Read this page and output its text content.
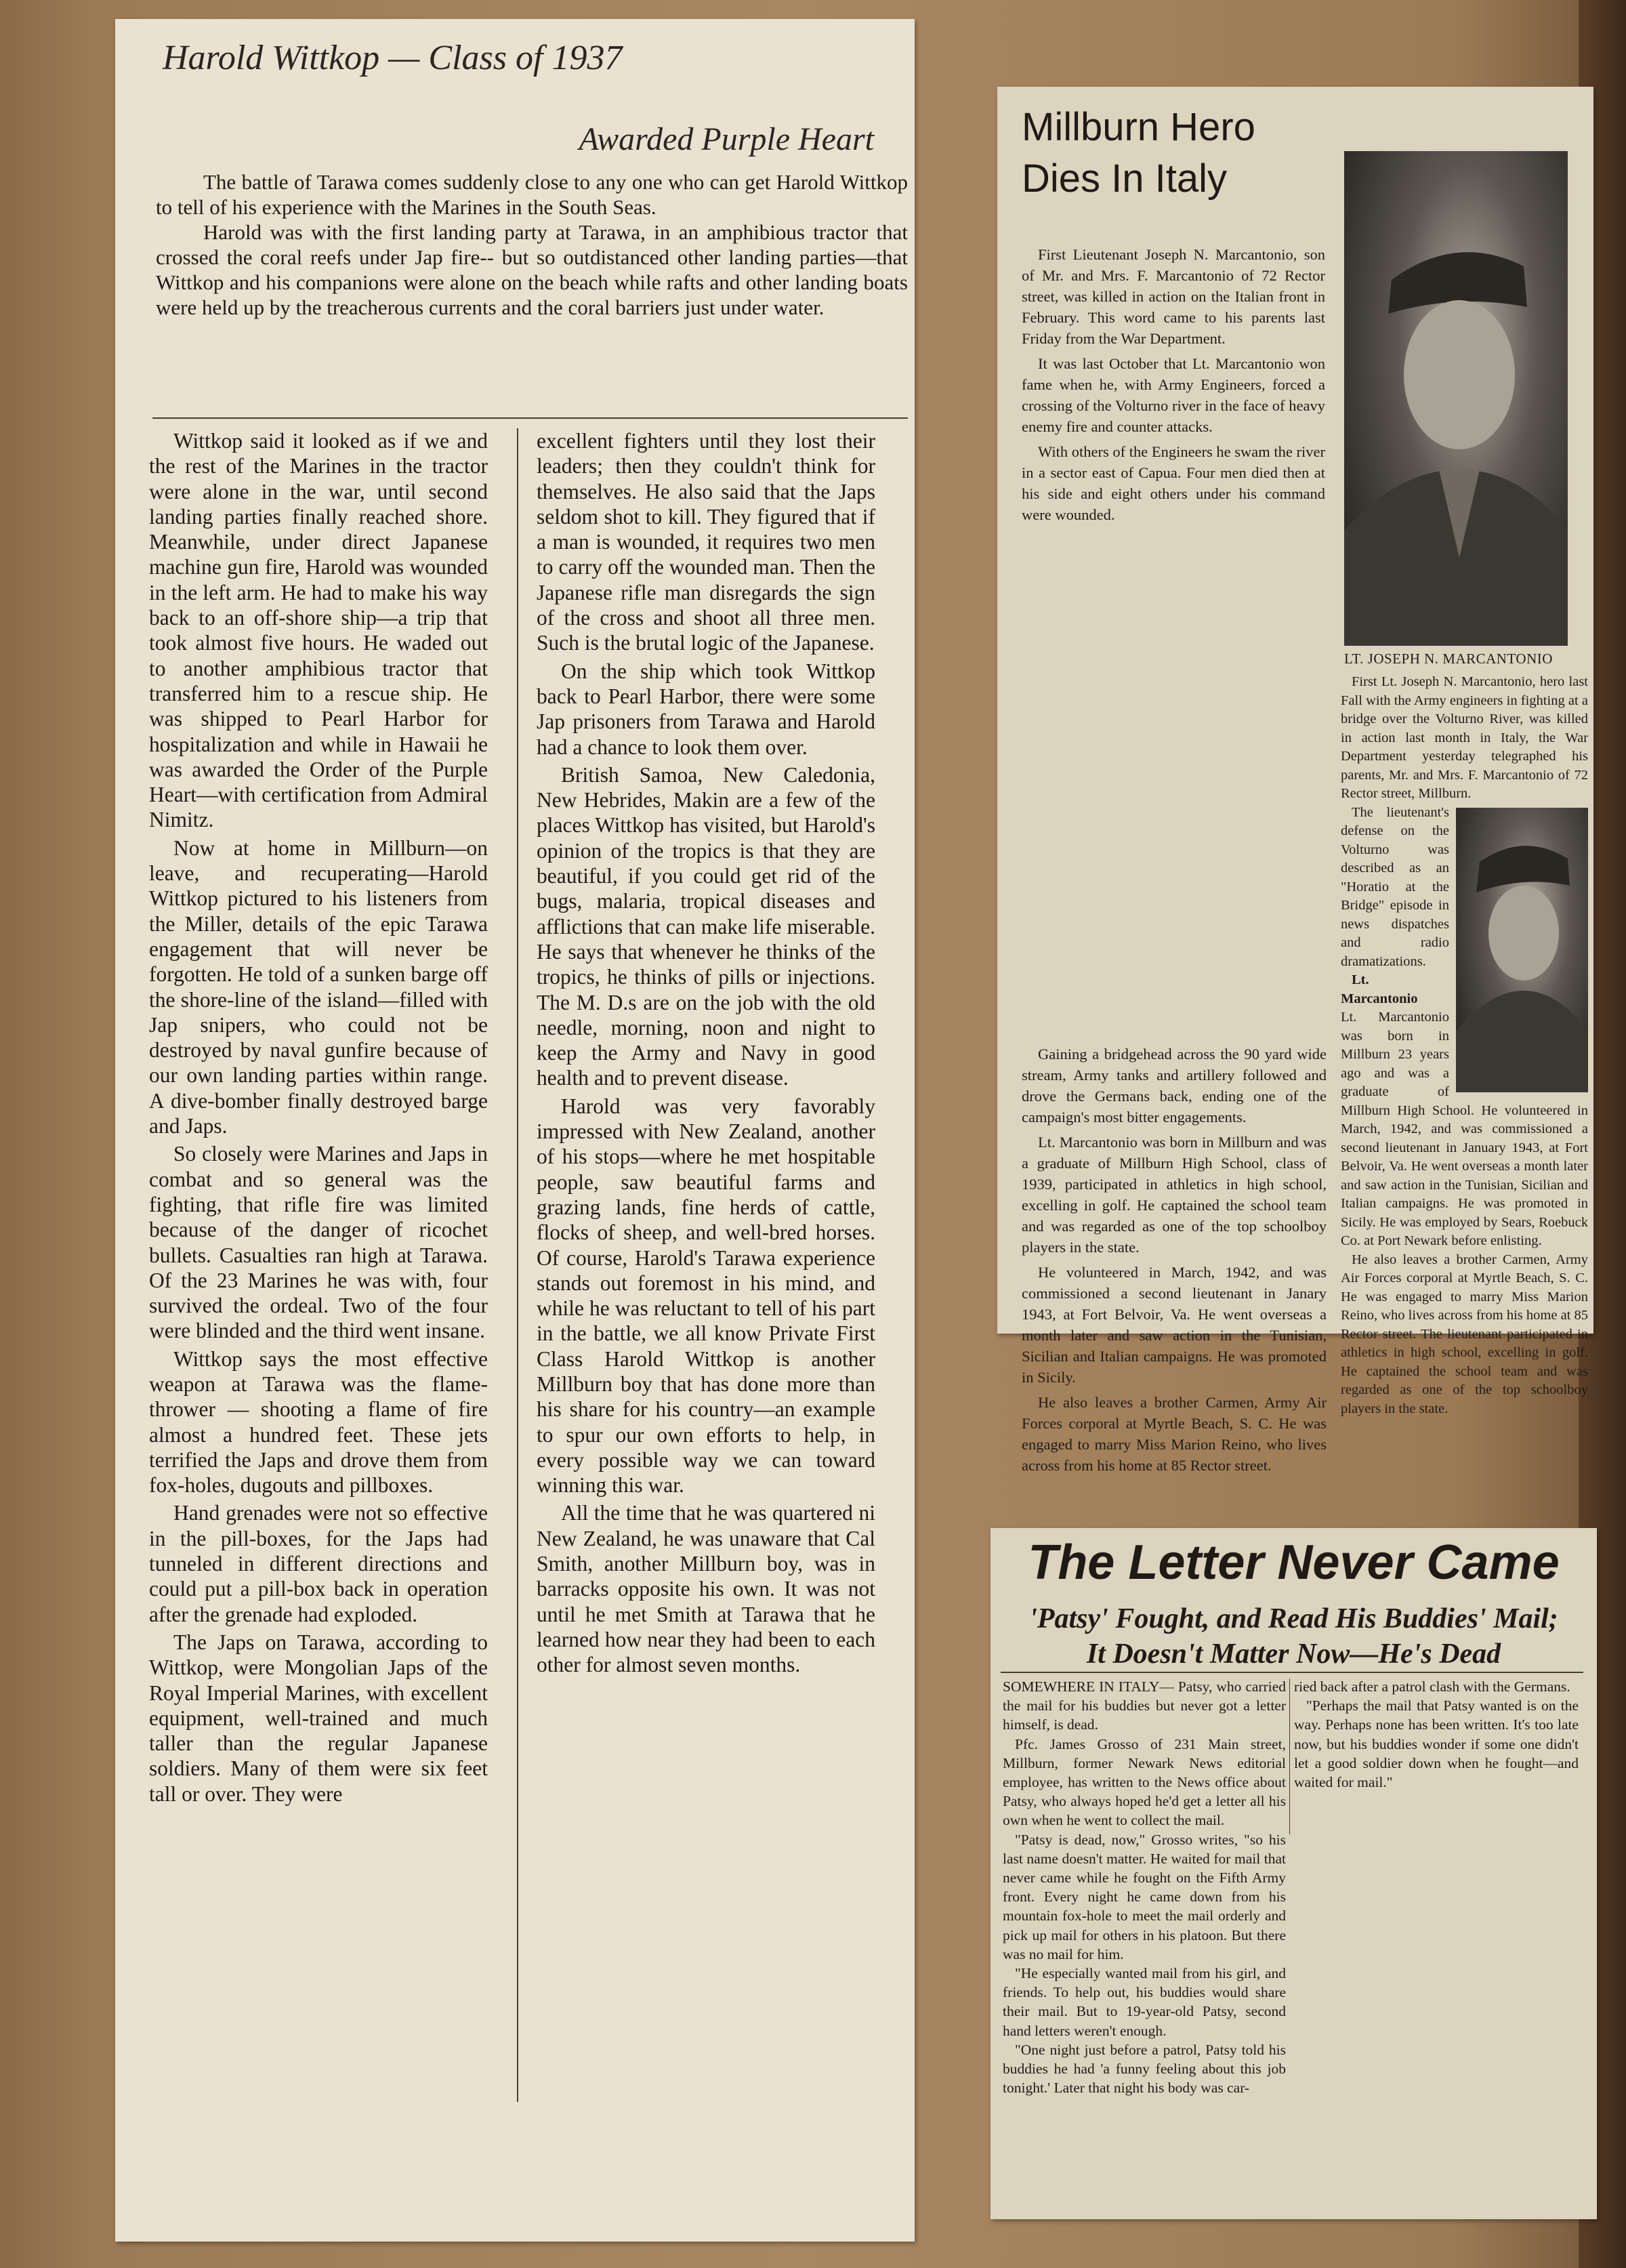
Harold Wittkop — Class of 1937
Awarded Purple Heart

The battle of Tarawa comes suddenly close to any one who can get Harold Wittkop to tell of his experience with the Marines in the South Seas.

Harold was with the first landing party at Tarawa, in an amphibious tractor that crossed the coral reefs under Jap fire-- but so outdistanced other landing parties—that Wittkop and his companions were alone on the beach while rafts and other landing boats were held up by the treacherous currents and the coral barriers just under water.

Wittkop said it looked as if we and the rest of the Marines in the tractor were alone in the war, until second landing parties finally reached shore. Meanwhile, under direct Japanese machine gun fire, Harold was wounded in the left arm. He had to make his way back to an off-shore ship—a trip that took almost five hours. He waded out to another amphibious tractor that transferred him to a rescue ship. He was shipped to Pearl Harbor for hospitalization and while in Hawaii he was awarded the Order of the Purple Heart—with certification from Admiral Nimitz.

Now at home in Millburn—on leave, and recuperating—Harold Wittkop pictured to his listeners from the Miller, details of the epic Tarawa engagement that will never be forgotten. He told of a sunken barge off the shore-line of the island—filled with Jap snipers, who could not be destroyed by naval gunfire because of our own landing parties within range. A dive-bomber finally destroyed barge and Japs.

So closely were Marines and Japs in combat and so general was the fighting, that rifle fire was limited because of the danger of ricochet bullets. Casualties ran high at Tarawa. Of the 23 Marines he was with, four survived the ordeal. Two of the four were blinded and the third went insane.

Wittkop says the most effective weapon at Tarawa was the flame-thrower — shooting a flame of fire almost a hundred feet. These jets terrified the Japs and drove them from fox-holes, dugouts and pillboxes.

Hand grenades were not so effective in the pill-boxes, for the Japs had tunneled in different directions and could put a pill-box back in operation after the grenade had exploded.

The Japs on Tarawa, according to Wittkop, were Mongolian Japs of the Royal Imperial Marines, with excellent equipment, well-trained and much taller than the regular Japanese soldiers. Many of them were six feet tall or over. They were

excellent fighters until they lost their leaders; then they couldn't think for themselves. He also said that the Japs seldom shot to kill. They figured that if a man is wounded, it requires two men to carry off the wounded man. Then the Japanese rifle man disregards the sign of the cross and shoot all three men. Such is the brutal logic of the Japanese.

On the ship which took Wittkop back to Pearl Harbor, there were some Jap prisoners from Tarawa and Harold had a chance to look them over.

British Samoa, New Caledonia, New Hebrides, Makin are a few of the places Wittkop has visited, but Harold's opinion of the tropics is that they are beautiful, if you could get rid of the bugs, malaria, tropical diseases and afflictions that can make life miserable. He says that whenever he thinks of the tropics, he thinks of pills or injections. The M. D.s are on the job with the old needle, morning, noon and night to keep the Army and Navy in good health and to prevent disease.

Harold was very favorably impressed with New Zealand, another of his stops—where he met hospitable people, saw beautiful farms and grazing lands, fine herds of cattle, flocks of sheep, and well-bred horses. Of course, Harold's Tarawa experience stands out foremost in his mind, and while he was reluctant to tell of his part in the battle, we all know Private First Class Harold Wittkop is another Millburn boy that has done more than his share for his country—an example to spur our own efforts to help, in every possible way we can toward winning this war.

All the time that he was quartered ni New Zealand, he was unaware that Cal Smith, another Millburn boy, was in barracks opposite his own. It was not until he met Smith at Tarawa that he learned how near they had been to each other for almost seven months.

Millburn Hero Dies In Italy
LT. JOSEPH N. MARCANTONIO

First Lieutenant Joseph N. Marcantonio, son of Mr. and Mrs. F. Marcantonio of 72 Rector street, was killed in action on the Italian front in February. This word came to his parents last Friday from the War Department.

It was last October that Lt. Marcantonio won fame when he, with Army Engineers, forced a crossing of the Volturno river in the face of heavy enemy fire and counter attacks.

With others of the Engineers he swam the river in a sector east of Capua. Four men died then at his side and eight others under his command were wounded.

Gaining a bridgehead across the 90 yard wide stream, Army tanks and artillery followed and drove the Germans back, ending one of the campaign's most bitter engagements.

Lt. Marcantonio was born in Millburn and was a graduate of Millburn High School, class of 1939, participated in athletics in high school, excelling in golf. He captained the school team and was regarded as one of the top schoolboy players in the state.

He volunteered in March, 1942, and was commissioned a second lieutenant in Janary 1943, at Fort Belvoir, Va. He went overseas a month later and saw action in the Tunisian, Sicilian and Italian campaigns. He was promoted in Sicily.

He also leaves a brother Carmen, Army Air Forces corporal at Myrtle Beach, S. C. He was engaged to marry Miss Marion Reino, who lives across from his home at 85 Rector street.

First Lt. Joseph N. Marcantonio, hero last Fall with the Army engineers in fighting at a bridge over the Volturno River, was killed in action last month in Italy, the War Department yesterday telegraphed his parents, Mr. and Mrs. F. Marcantonio of 72 Rector street, Millburn.

The lieutenant's defense on the Volturno was described as an "Horatio at the Bridge" episode in news dispatches and radio dramatizations.

Lt. Marcantonio
Lt. Marcantonio was born in Millburn 23 years ago and was a graduate of Millburn High School. He volunteered in March, 1942, and was commissioned a second lieutenant in January 1943, at Fort Belvoir, Va. He went overseas a month later and saw action in the Tunisian, Sicilian and Italian campaigns. He was promoted in Sicily. He was employed by Sears, Roebuck Co. at Port Newark before enlisting.

He also leaves a brother Carmen, Army Air Forces corporal at Myrtle Beach, S. C. He was engaged to marry Miss Marion Reino, who lives across from his home at 85 Rector street. The lieutenant participated in athletics in high school, excelling in golf. He captained the school team and was regarded as one of the top schoolboy players in the state.

The Letter Never Came
'Patsy' Fought, and Read His Buddies' Mail;
It Doesn't Matter Now—He's Dead

SOMEWHERE IN ITALY— Patsy, who carried the mail for his buddies but never got a letter himself, is dead.

Pfc. James Grosso of 231 Main street, Millburn, former Newark News editorial employee, has written to the News office about Patsy, who always hoped he'd get a letter all his own when he went to collect the mail.

"Patsy is dead, now," Grosso writes, "so his last name doesn't matter. He waited for mail that never came while he fought on the Fifth Army front. Every night he came down from his mountain fox-hole to meet the mail orderly and pick up mail for others in his platoon. But there was no mail for him.

"He especially wanted mail from his girl, and friends. To help out, his buddies would share their mail. But to 19-year-old Patsy, second hand letters weren't enough.

"One night just before a patrol, Patsy told his buddies he had 'a funny feeling about this job tonight.' Later that night his body was car-

ried back after a patrol clash with the Germans.

"Perhaps the mail that Patsy wanted is on the way. Perhaps none has been written. It's too late now, but his buddies wonder if some one didn't let a good soldier down when he fought—and waited for mail."
